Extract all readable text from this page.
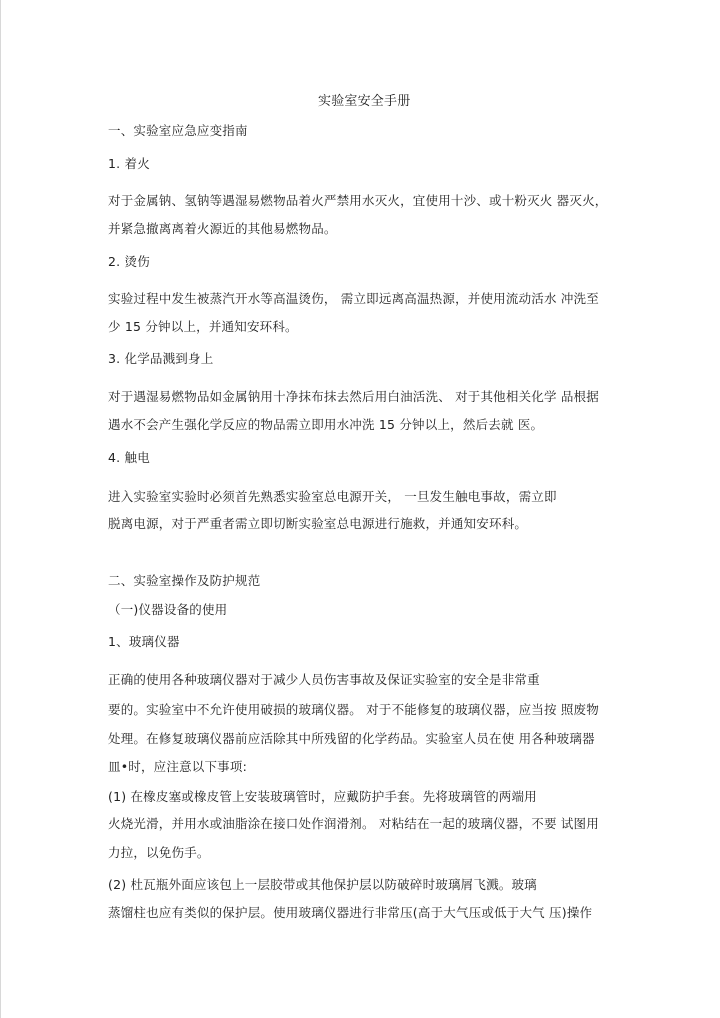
实验室安全手册
一、实验室应急应变指南
1. 着火
对于金属钠、氢钠等遇湿易燃物品着火严禁用水灭火，宜使用十沙、或十粉灭火 器灭火，
并紧急撤离离着火源近的其他易燃物品。
2. 烫伤
实验过程中发生被蒸汽开水等高温烫伤， 需立即远离高温热源，并使用流动活水 冲洗至
少 15 分钟以上，并通知安环科。
3. 化学品溅到身上
对于遇湿易燃物品如金属钠用十净抹布抹去然后用白油活洗、 对于其他相关化学 品根据
遇水不会产生强化学反应的物品需立即用水冲洗 15 分钟以上，然后去就 医。
4. 触电
进入实验室实验时必须首先熟悉实验室总电源开关， 一旦发生触电事故，需立即
脱离电源，对于严重者需立即切断实验室总电源进行施救，并通知安环科。
二、实验室操作及防护规范
（一)仪器设备的使用
1、玻璃仪器
正确的使用各种玻璃仪器对于减少人员伤害事故及保证实验室的安全是非常重
要的。实验室中不允许使用破损的玻璃仪器。 对于不能修复的玻璃仪器，应当按 照废物
处理。在修复玻璃仪器前应活除其中所残留的化学药品。实验室人员在使 用各种玻璃器
皿•时，应注意以下事项:
(1) 在橡皮塞或橡皮管上安装玻璃管时，应戴防护手套。先将玻璃管的两端用
火烧光滑，并用水或油脂涂在接口处作润滑剂。 对粘结在一起的玻璃仪器，不要 试图用
力拉，以免伤手。
(2) 杜瓦瓶外面应该包上一层胶带或其他保护层以防破碎时玻璃屑飞溅。玻璃
蒸馏柱也应有类似的保护层。使用玻璃仪器进行非常压(高于大气压或低于大气 压)操作
